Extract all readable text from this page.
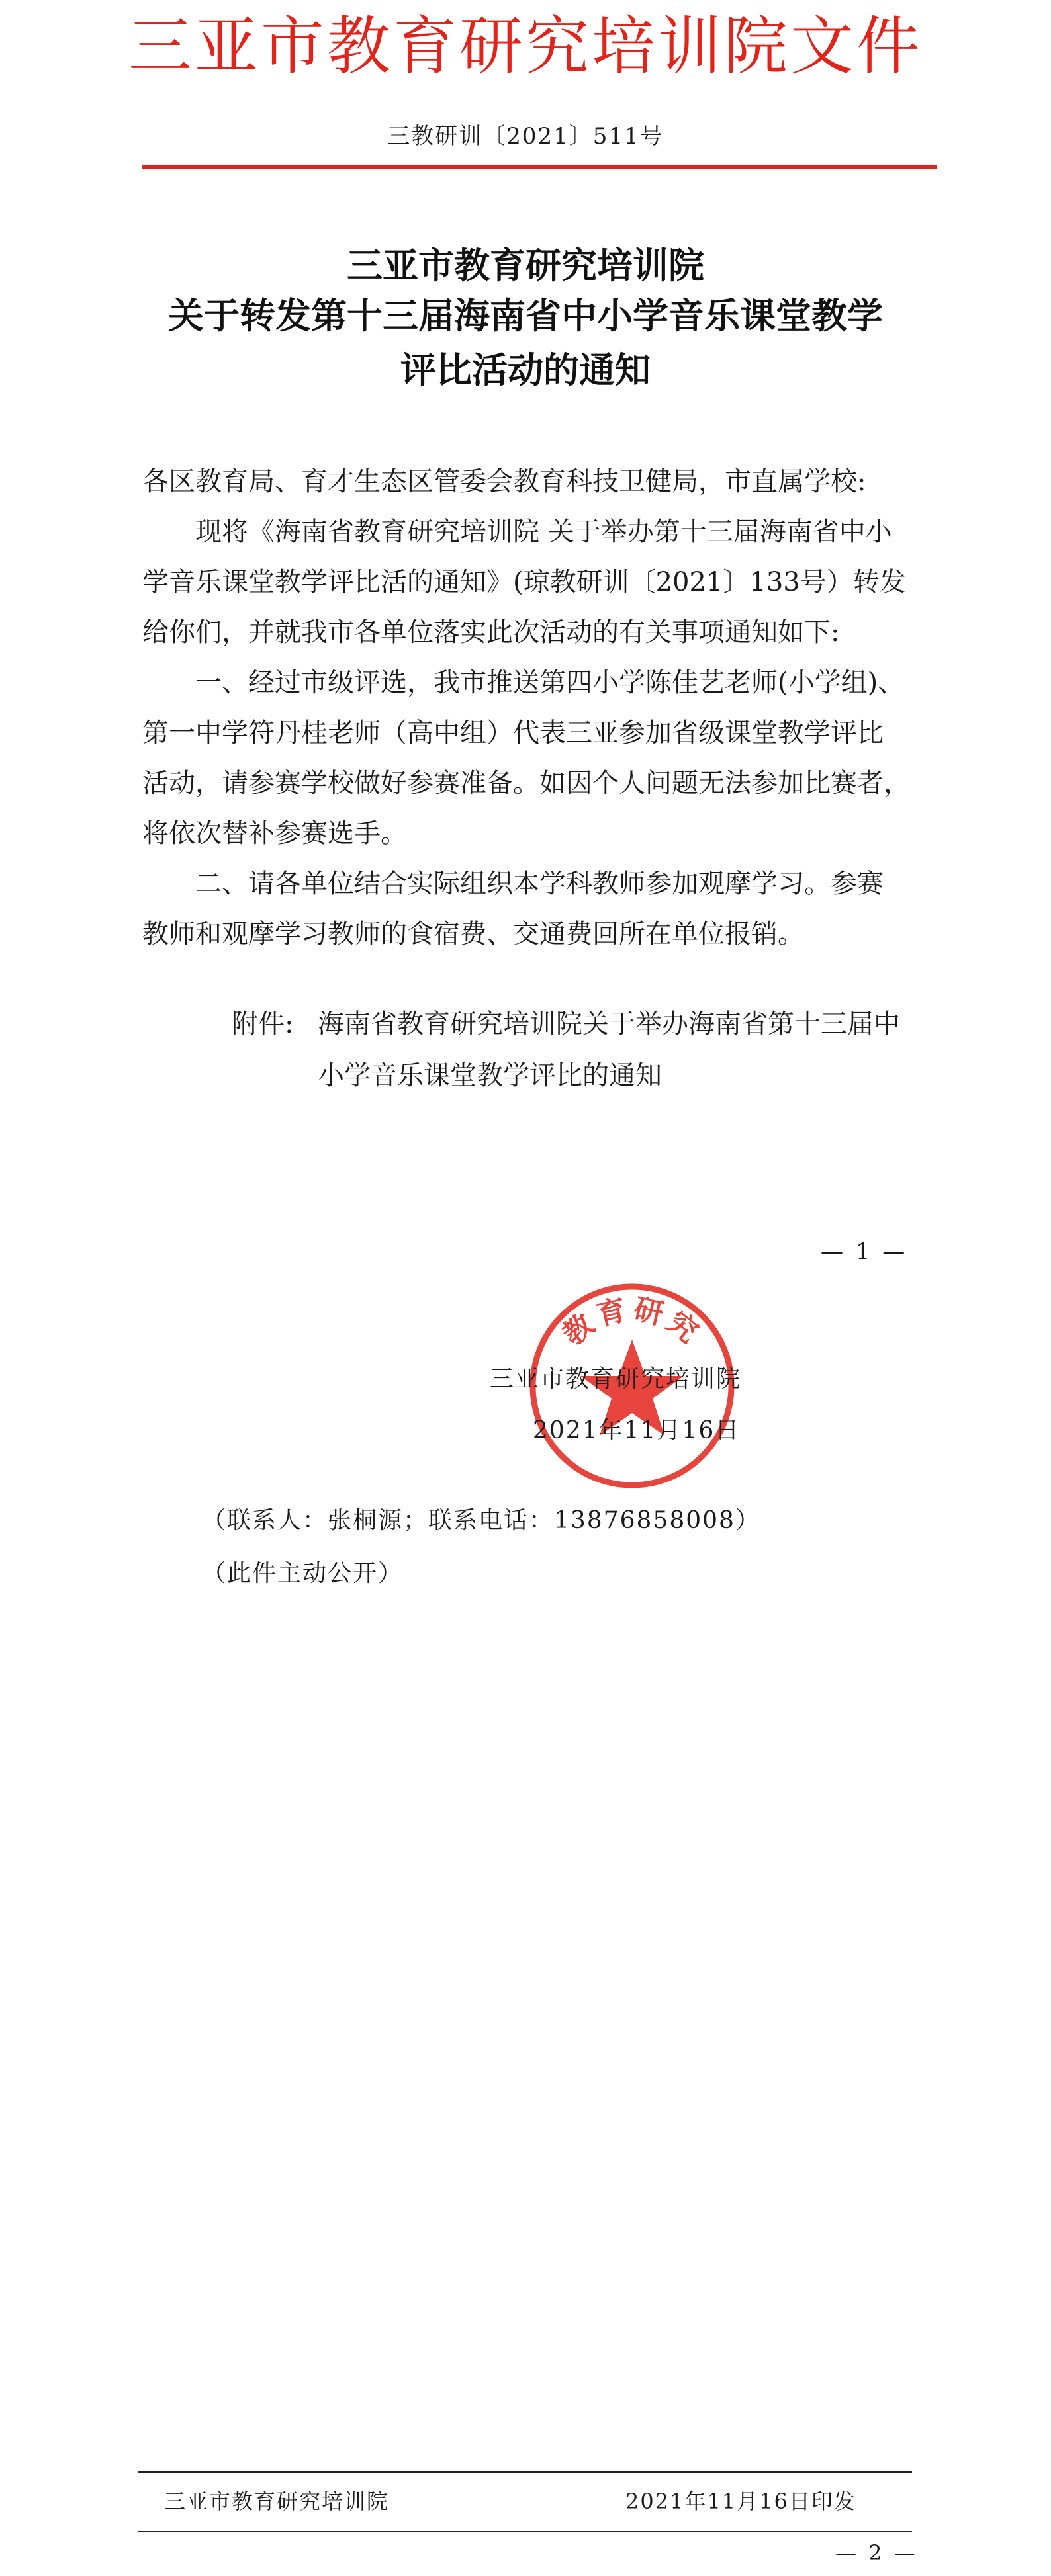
三亚市教育研究培训院文件
三教研训〔2021〕511号
三亚市教育研究培训院
关于转发第十三届海南省中小学音乐课堂教学
评比活动的通知
各区教育局、育才生态区管委会教育科技卫健局，市直属学校:
现将《海南省教育研究培训院 关于举办第十三届海南省中小
学音乐课堂教学评比活的通知》(琼教研训〔2021〕133号）转发
给你们，并就我市各单位落实此次活动的有关事项通知如下:
一、经过市级评选，我市推送第四小学陈佳艺老师(小学组)、
第一中学符丹桂老师（高中组）代表三亚参加省级课堂教学评比
活动，请参赛学校做好参赛准备。如因个人问题无法参加比赛者，
将依次替补参赛选手。
二、请各单位结合实际组织本学科教师参加观摩学习。参赛
教师和观摩学习教师的食宿费、交通费回所在单位报销。
附件: 海南省教育研究培训院关于举办海南省第十三届中
小学音乐课堂教学评比的通知
— 1 —
教育研究
三亚市教育研究培训院
2021年11月16日
（联系人：张桐源；联系电话：13876858008）
（此件主动公开）
三亚市教育研究培训院	2021年11月16日印发
— 2 —
